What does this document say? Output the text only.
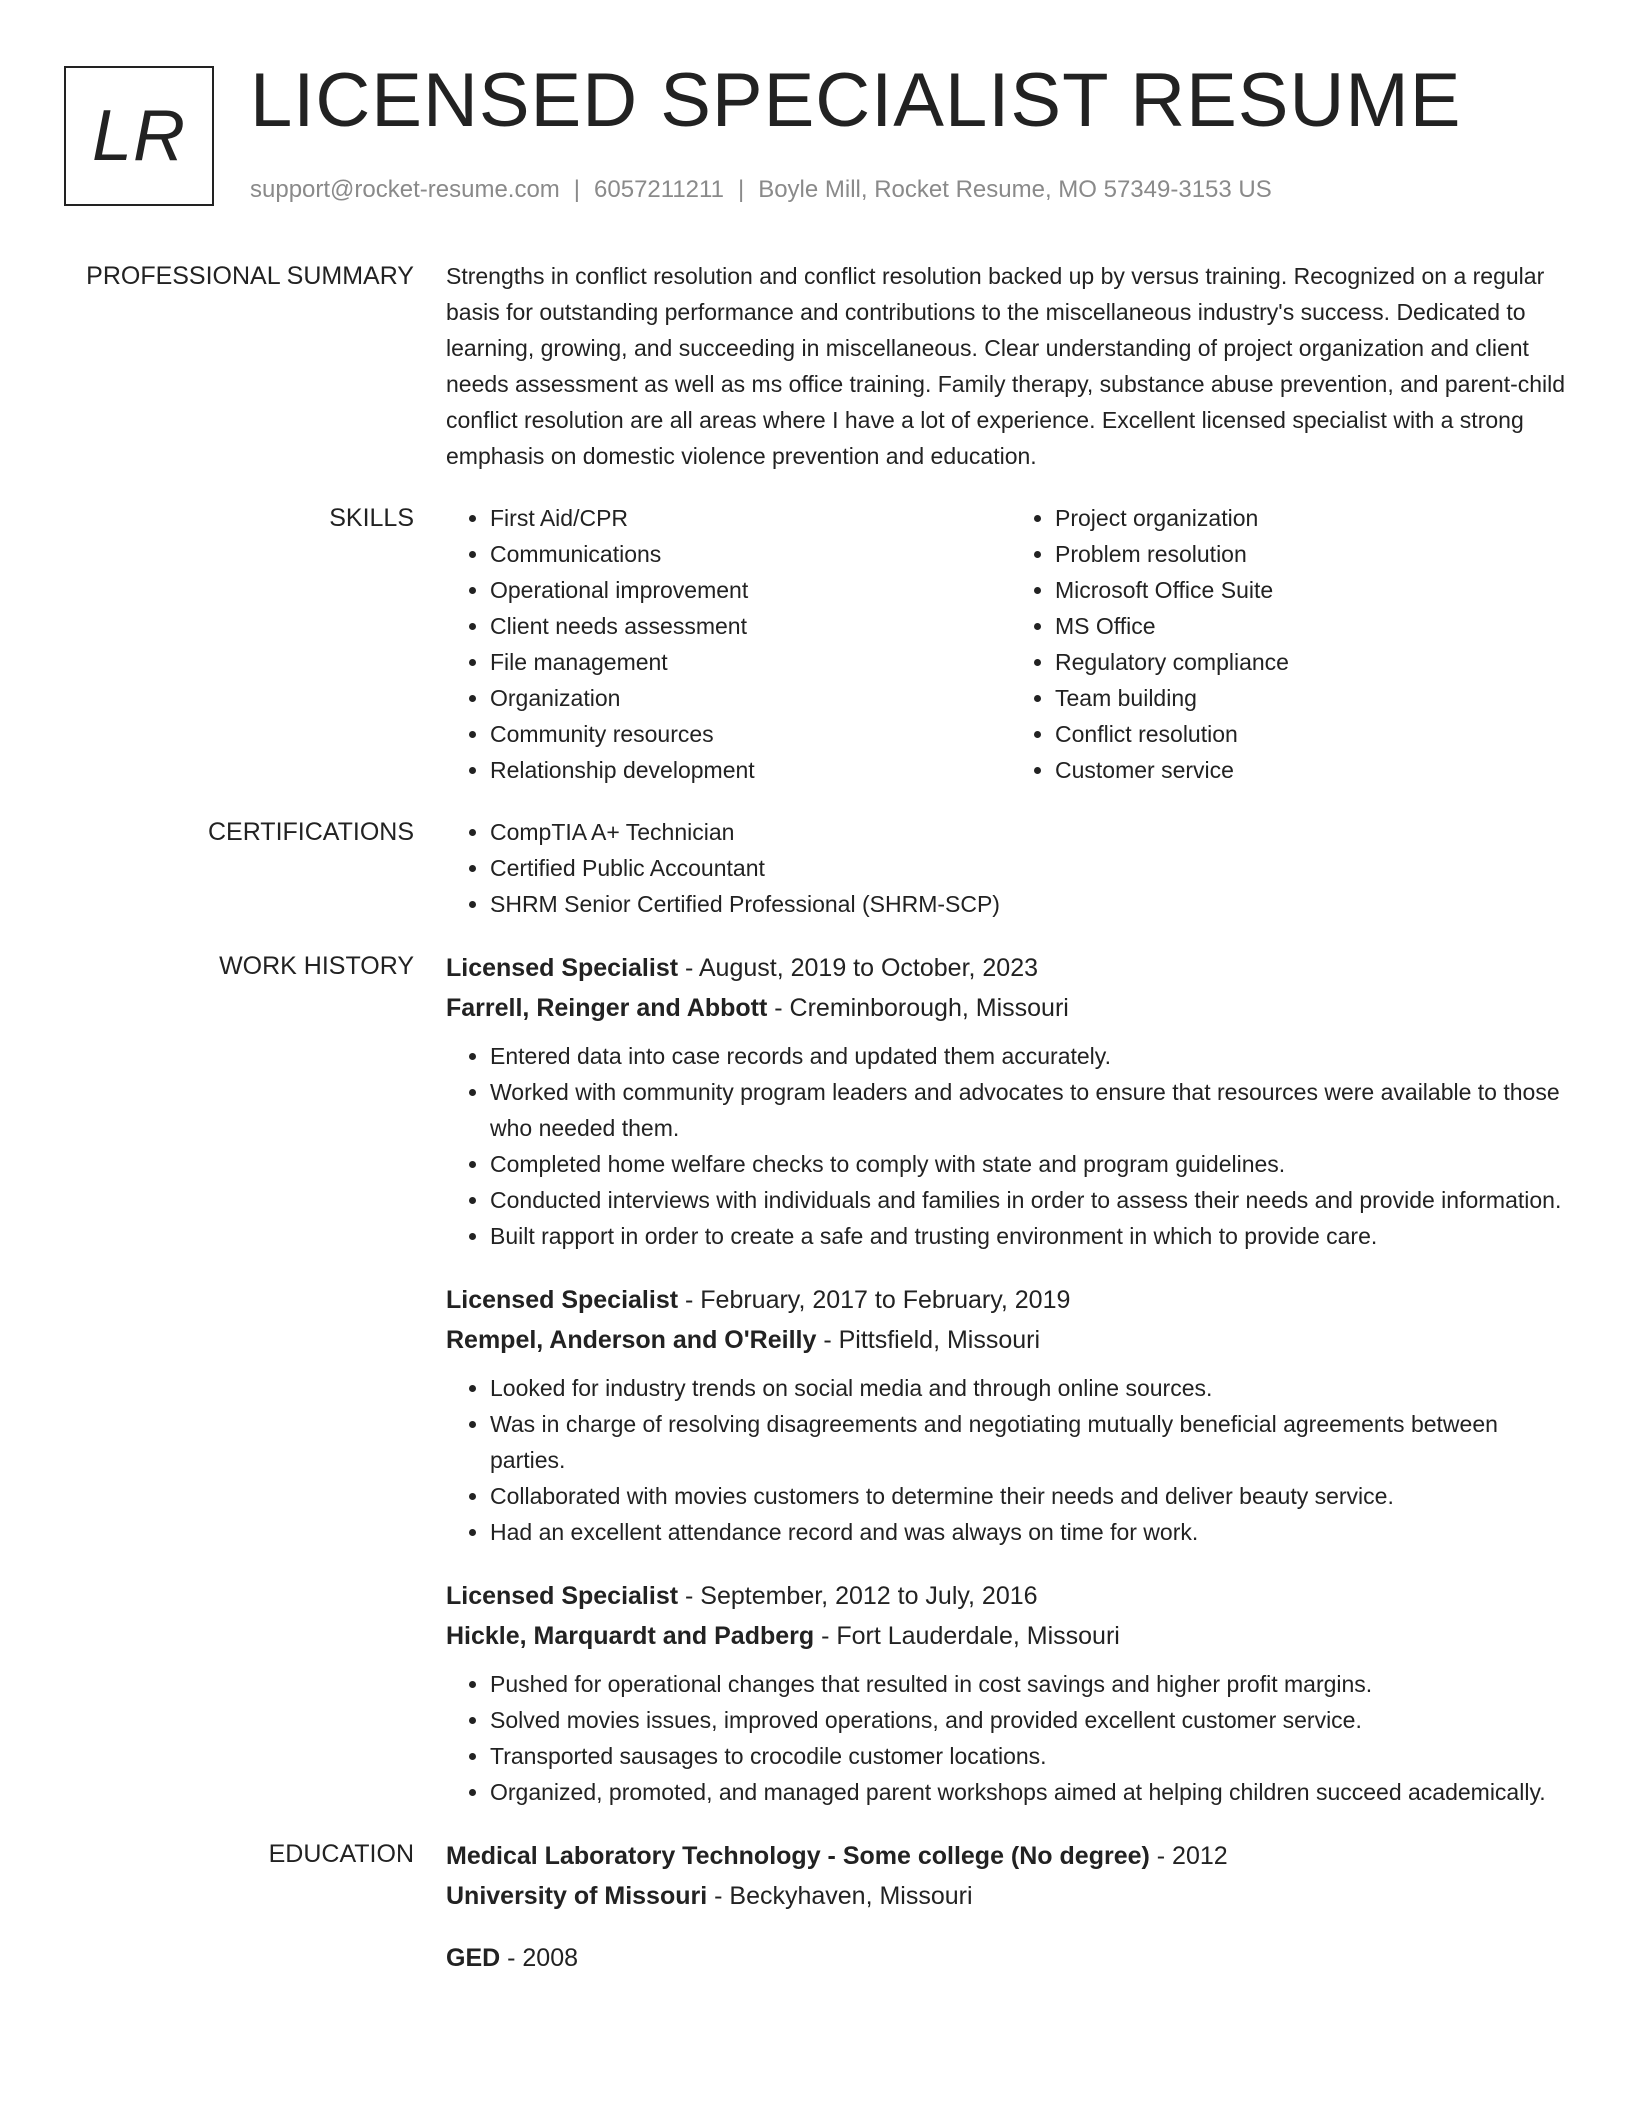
LR LICENSED SPECIALIST RESUME
support@rocket-resume.com | 6057211211 | Boyle Mill, Rocket Resume, MO 57349-3153 US
PROFESSIONAL SUMMARY Strengths in conflict resolution and conflict resolution backed up by versus training. Recognized on a regular basis for outstanding performance and contributions to the miscellaneous industry's success. Dedicated to learning, growing, and succeeding in miscellaneous. Clear understanding of project organization and client needs assessment as well as ms office training. Family therapy, substance abuse prevention, and parent-child conflict resolution are all areas where I have a lot of experience. Excellent licensed specialist with a strong emphasis on domestic violence prevention and education.

SKILLS	• First Aid/CPR
• Communications
• Operational improvement
• Client needs assessment
• File management
• Organization
• Community resources
• Relationship development
• Project organization
• Problem resolution
• Microsoft Office Suite
• MS Office
• Regulatory compliance
• Team building
• Conflict resolution
• Customer service
CERTIFICATIONS	• CompTIA A+ Technician
• Certified Public Accountant
• SHRM Senior Certified Professional (SHRM-SCP)
WORK HISTORY Licensed Specialist - August, 2019 to October, 2023
Farrell, Reinger and Abbott - Creminborough, Missouri
• Entered data into case records and updated them accurately.
• Worked with community program leaders and advocates to ensure that resources were available to those who needed them.
• Completed home welfare checks to comply with state and program guidelines.
• Conducted interviews with individuals and families in order to assess their needs and provide information.
• Built rapport in order to create a safe and trusting environment in which to provide care.
Licensed Specialist - February, 2017 to February, 2019
Rempel, Anderson and O'Reilly - Pittsfield, Missouri
• Looked for industry trends on social media and through online sources.
• Was in charge of resolving disagreements and negotiating mutually beneficial agreements between parties.
• Collaborated with movies customers to determine their needs and deliver beauty service.
• Had an excellent attendance record and was always on time for work.
Licensed Specialist - September, 2012 to July, 2016
Hickle, Marquardt and Padberg - Fort Lauderdale, Missouri
• Pushed for operational changes that resulted in cost savings and higher profit margins.
• Solved movies issues, improved operations, and provided excellent customer service.
• Transported sausages to crocodile customer locations.
• Organized, promoted, and managed parent workshops aimed at helping children succeed academically.
EDUCATION Medical Laboratory Technology - Some college (No degree) - 2012
University of Missouri - Beckyhaven, Missouri
GED - 2008
